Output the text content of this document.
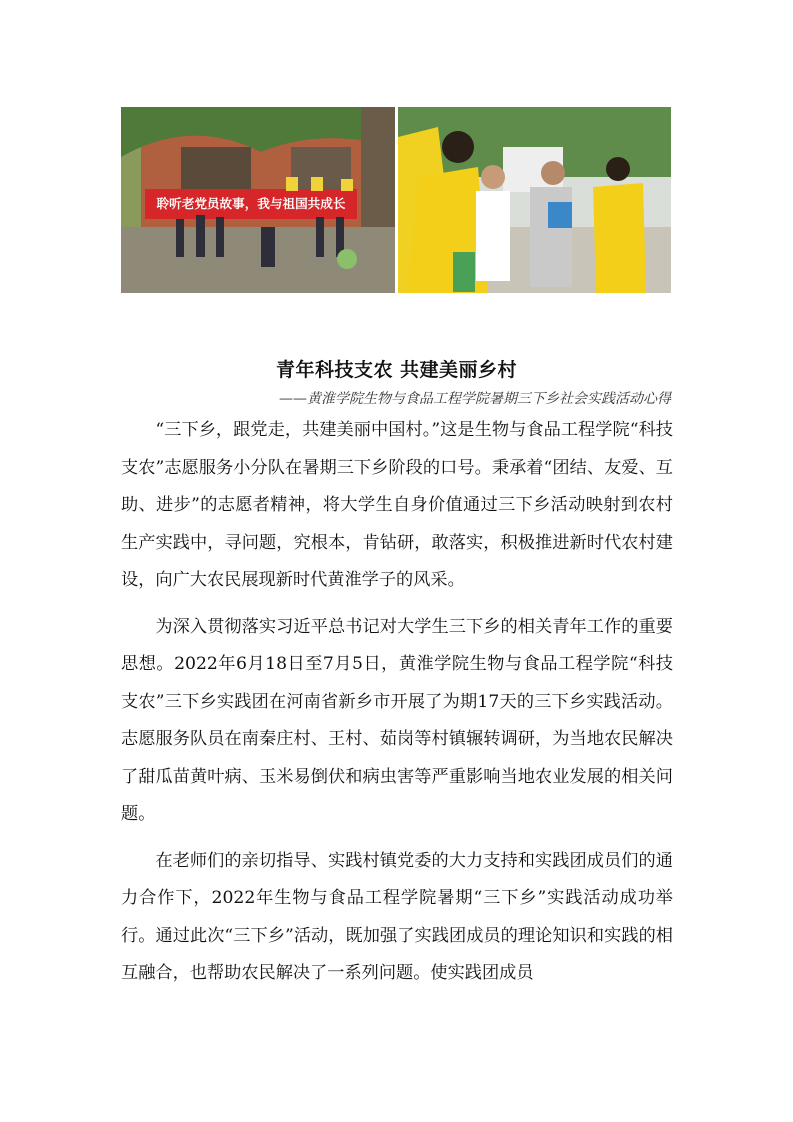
聆听老党员故事，我与祖国共成长
青年科技支农 共建美丽乡村

——黄淮学院生物与食品工程学院暑期三下乡社会实践活动心得

“三下乡，跟党走，共建美丽中国村。”这是生物与食品工程学院“科技支农”志愿服务小分队在暑期三下乡阶段的口号。秉承着“团结、友爱、互助、进步”的志愿者精神，将大学生自身价值通过三下乡活动映射到农村生产实践中，寻问题，究根本，肯钻研，敢落实，积极推进新时代农村建设，向广大农民展现新时代黄淮学子的风采。

为深入贯彻落实习近平总书记对大学生三下乡的相关青年工作的重要思想。2022年6月18日至7月5日，黄淮学院生物与食品工程学院“科技支农”三下乡实践团在河南省新乡市开展了为期17天的三下乡实践活动。志愿服务队员在南秦庄村、王村、茹岗等村镇辗转调研，为当地农民解决了甜瓜苗黄叶病、玉米易倒伏和病虫害等严重影响当地农业发展的相关问题。

在老师们的亲切指导、实践村镇党委的大力支持和实践团成员们的通力合作下，2022年生物与食品工程学院暑期“三下乡”实践活动成功举行。通过此次“三下乡”活动，既加强了实践团成员的理论知识和实践的相互融合，也帮助农民解决了一系列问题。使实践团成员
